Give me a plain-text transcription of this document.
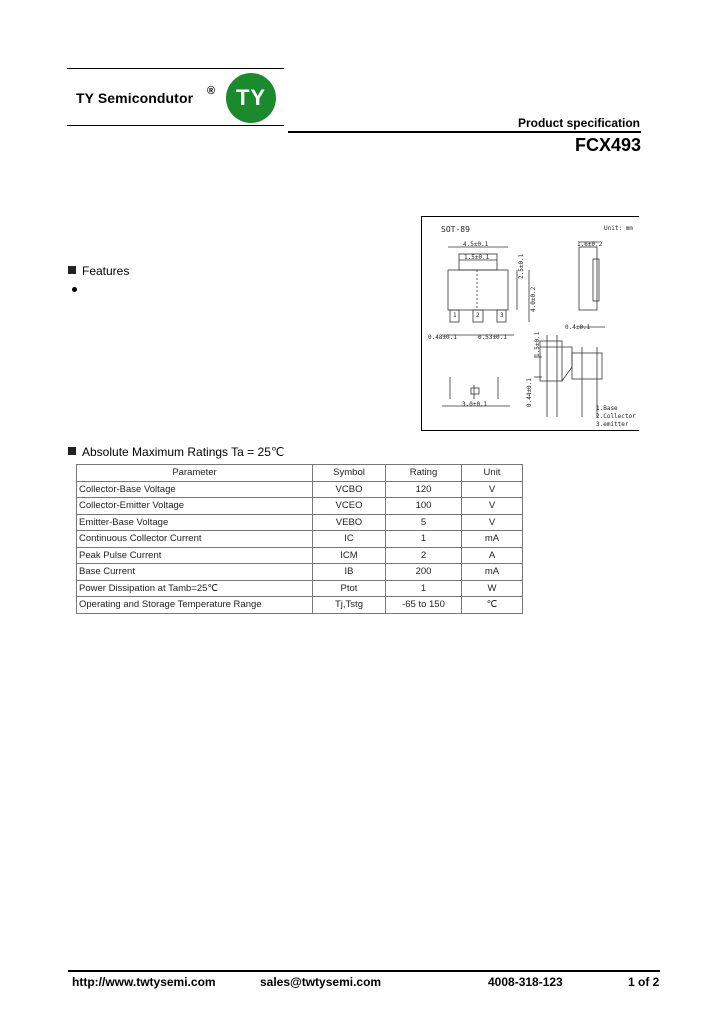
TY Semicondutor ® TY
Product specification
FCX493
SOT-89	Unit: mm
4.5±0.1	1.6±0.2
1.5±0.1	2.5±0.1
4.0±0.2
1	2	3
0.48±0.1	0.53±0.1
0.4±0.1
1.5±0.1
0.44±0.1
3.0±0.1
1.Base
2.Collector
3.emitter
Features
Absolute Maximum Ratings Ta = 25℃
Parameter	Symbol	Rating	Unit
Collector-Base Voltage	VCBO	120	V
Collector-Emitter Voltage	VCEO	100	V
Emitter-Base Voltage	VEBO	5	V
Continuous Collector Current	IC	1	mA
Peak Pulse Current	ICM	2	A
Base Current	IB	200	mA
Power Dissipation at Tamb=25℃	Ptot	1	W
Operating and Storage Temperature Range	Tj,Tstg	-65 to 150	℃
http://www.twtysemi.com	sales@twtysemi.com	4008-318-123	1 of 2
